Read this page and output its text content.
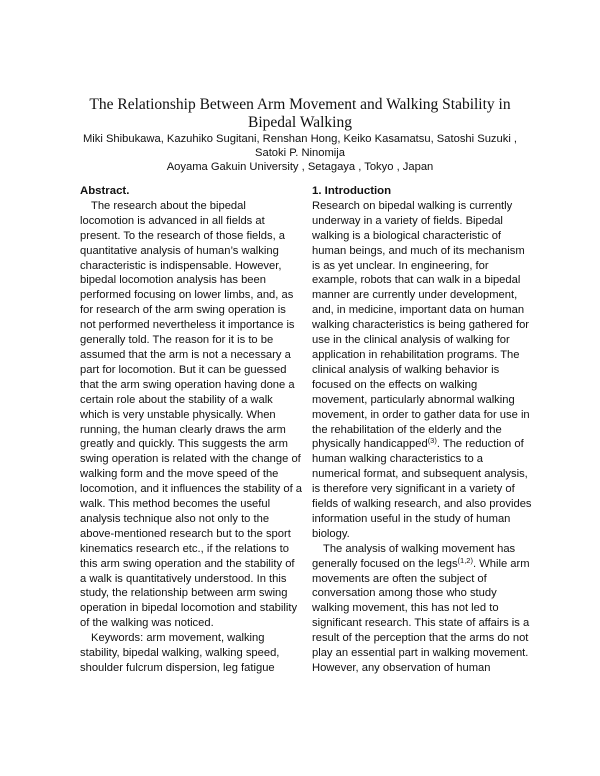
The Relationship Between Arm Movement and Walking Stability in
Bipedal Walking

Miki Shibukawa, Kazuhiko Sugitani, Renshan Hong, Keiko Kasamatsu, Satoshi Suzuki ,
Satoki P. Ninomija

Aoyama Gakuin University , Setagaya , Tokyo , Japan

Abstract.

The research about the bipedal locomotion is advanced in all fields at present. To the research of those fields, a quantitative analysis of human’s walking characteristic is indispensable. However, bipedal locomotion analysis has been performed focusing on lower limbs, and, as for research of the arm swing operation is not performed nevertheless it importance is generally told. The reason for it is to be assumed that the arm is not a necessary a part for locomotion. But it can be guessed that the arm swing operation having done a certain role about the stability of a walk which is very unstable physically. When running, the human clearly draws the arm greatly and quickly. This suggests the arm swing operation is related with the change of walking form and the move speed of the locomotion, and it influences the stability of a walk. This method becomes the useful analysis technique also not only to the above-mentioned research but to the sport kinematics research etc., if the relations to this arm swing operation and the stability of a walk is quantitatively understood. In this study, the relationship between arm swing operation in bipedal locomotion and stability of the walking was noticed.

Keywords: arm movement, walking stability, bipedal walking, walking speed, shoulder fulcrum dispersion, leg fatigue

1. Introduction

Research on bipedal walking is currently underway in a variety of fields. Bipedal walking is a biological characteristic of human beings, and much of its mechanism is as yet unclear. In engineering, for example, robots that can walk in a bipedal manner are currently under development, and, in medicine, important data on human walking characteristics is being gathered for use in the clinical analysis of walking for application in rehabilitation programs. The clinical analysis of walking behavior is focused on the effects on walking movement, particularly abnormal walking movement, in order to gather data for use in the rehabilitation of the elderly and the physically handicapped$^{(3)}$. The reduction of human walking characteristics to a numerical format, and subsequent analysis, is therefore very significant in a variety of fields of walking research, and also provides information useful in the study of human biology.

The analysis of walking movement has generally focused on the legs$^{(1,2)}$. While arm movements are often the subject of conversation among those who study walking movement, this has not led to significant research. This state of affairs is a result of the perception that the arms do not play an essential part in walking movement. However, any observation of human
